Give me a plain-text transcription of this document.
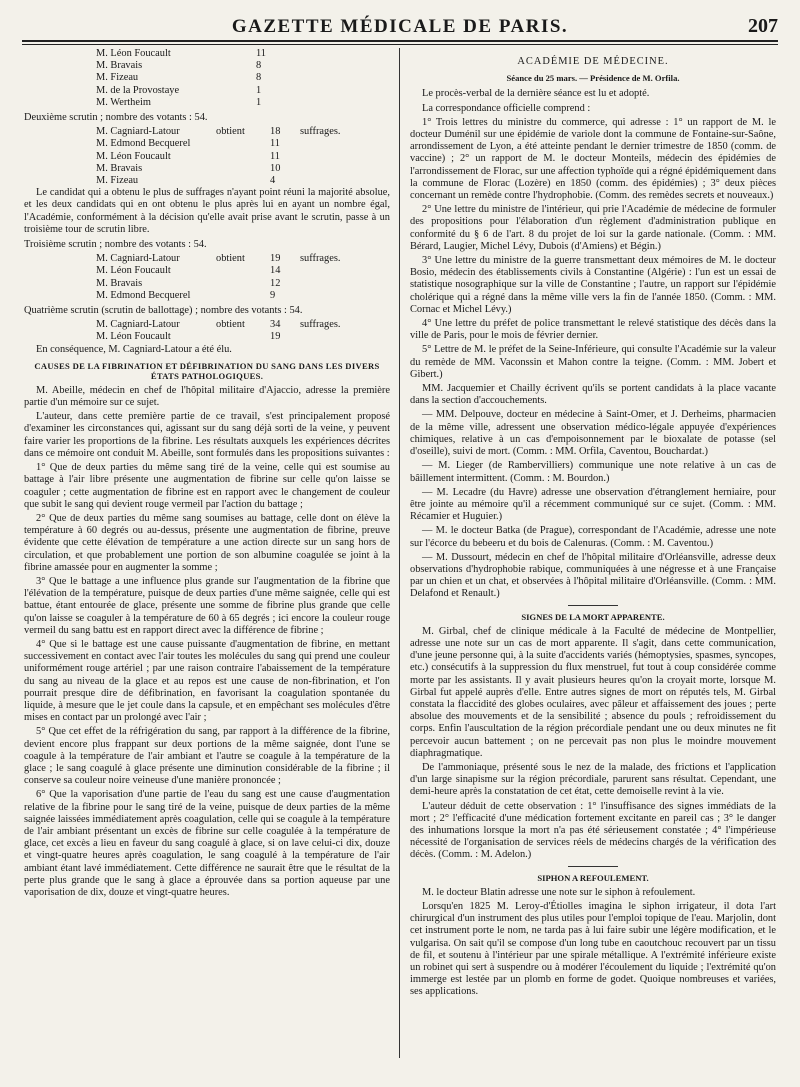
GAZETTE MÉDICALE DE PARIS.	207
M. Léon Foucault	11
M. Bravais	8
M. Fizeau	8
M. de la Provostaye	1
M. Wertheim	1

Deuxième scrutin ; nombre des votants : 54.

M. Cagniard-Latour	obtient	18	suffrages.
M. Edmond Becquerel	11
M. Léon Foucault	11
M. Bravais	10
M. Fizeau	4

Le candidat qui a obtenu le plus de suffrages n'ayant point réuni la majorité absolue, et les deux candidats qui en ont obtenu le plus après lui en ayant un nombre égal, l'Académie, conformément à la décision qu'elle avait prise avant le scrutin, passe à un troisième tour de scrutin libre.

Troisième scrutin ; nombre des votants : 54.

M. Cagniard-Latour	obtient	19	suffrages.
M. Léon Foucault	14
M. Bravais	12
M. Edmond Becquerel	9

Quatrième scrutin (scrutin de ballottage) ; nombre des votants : 54.

M. Cagniard-Latour	obtient	34	suffrages.
M. Léon Foucault	19

En conséquence, M. Cagniard-Latour a été élu.

CAUSES DE LA FIBRINATION ET DÉFIBRINATION DU SANG DANS LES DIVERS ÉTATS PATHOLOGIQUES.

M. Abeille, médecin en chef de l'hôpital militaire d'Ajaccio, adresse la première partie d'un mémoire sur ce sujet.

L'auteur, dans cette première partie de ce travail, s'est principalement proposé d'examiner les circonstances qui, agissant sur du sang déjà sorti de la veine, y peuvent faire varier les proportions de la fibrine. Les résultats auxquels les expériences décrites dans ce mémoire ont conduit M. Abeille, sont formulés dans les propositions suivantes :

1° Que de deux parties du même sang tiré de la veine, celle qui est soumise au battage à l'air libre présente une augmentation de fibrine sur celle qu'on laisse se coaguler ; cette augmentation de fibrine est en rapport avec le changement de couleur que subit le sang qui devient rouge vermeil par l'action du battage ;

2° Que de deux parties du même sang soumises au battage, celle dont on élève la température à 60 degrés ou au-dessus, présente une augmentation de fibrine, preuve évidente que cette élévation de température a une action directe sur un sang hors de circulation, et que probablement une portion de son albumine coagulée se joint à la fibrine amassée pour en augmenter la somme ;

3° Que le battage a une influence plus grande sur l'augmentation de la fibrine que l'élévation de la température, puisque de deux parties d'une même saignée, celle qui est battue, étant entourée de glace, présente une somme de fibrine plus grande que celle qu'on laisse se coaguler à la température de 60 à 65 degrés ; ici encore la couleur rouge vermeil du sang battu est en rapport direct avec la différence de fibrine ;

4° Que si le battage est une cause puissante d'augmentation de fibrine, en mettant successivement en contact avec l'air toutes les molécules du sang qui prend une couleur uniformément rouge artériel ; par une raison contraire l'abaissement de la température du sang au niveau de la glace et au repos est une cause de non-fibrination, et l'on pourrait presque dire de défibrination, en favorisant la coagulation spontanée du liquide, à mesure que le jet coule dans la capsule, et en empêchant ses molécules d'être mises en contact par un prolongé avec l'air ;

5° Que cet effet de la réfrigération du sang, par rapport à la différence de la fibrine, devient encore plus frappant sur deux portions de la même saignée, dont l'une se coagule à la température de l'air ambiant et l'autre se coagule à la température de la glace ; le sang coagulé à glace présente une diminution considérable de la fibrine ; il conserve sa couleur noire veineuse d'une manière prononcée ;

6° Que la vaporisation d'une partie de l'eau du sang est une cause d'augmentation relative de la fibrine pour le sang tiré de la veine, puisque de deux parties de la même saignée laissées immédiatement après coagulation, celle qui se coagule à la température de l'air ambiant présentant un excès de fibrine sur celle coagulée à la température de glace, cet excès a lieu en faveur du sang coagulé à glace, si on lave celui-ci dix, douze et vingt-quatre heures après coagulation, le sang coagulé à la température de l'air ambiant étant lavé immédiatement. Cette différence ne saurait être que le résultat de la perte plus grande que le sang à glace a éprouvée dans sa portion aqueuse par une vaporisation de dix, douze et vingt-quatre heures.

ACADÉMIE DE MÉDECINE.
Séance du 25 mars. — Présidence de M. Orfila.

Le procès-verbal de la dernière séance est lu et adopté.

La correspondance officielle comprend :

1° Trois lettres du ministre du commerce, qui adresse : 1° un rapport de M. le docteur Duménil sur une épidémie de variole dont la commune de Fontaine-sur-Saône, arrondissement de Lyon, a été atteinte pendant le dernier trimestre de 1850 (comm. de vaccine) ; 2° un rapport de M. le docteur Monteils, médecin des épidémies de l'arrondissement de Florac, sur une affection typhoïde qui a régné épidémiquement dans la commune de Florac (Lozère) en 1850 (comm. des épidémies) ; 3° deux pièces concernant un remède contre l'hydrophobie. (Comm. des remèdes secrets et nouveaux.)

2° Une lettre du ministre de l'intérieur, qui prie l'Académie de médecine de formuler des propositions pour l'élaboration d'un règlement d'administration publique en conformité du § 6 de l'art. 8 du projet de loi sur la garde nationale. (Comm. : MM. Bérard, Laugier, Michel Lévy, Dubois (d'Amiens) et Bégin.)

3° Une lettre du ministre de la guerre transmettant deux mémoires de M. le docteur Bosio, médecin des établissements civils à Constantine (Algérie) : l'un est un essai de statistique nosographique sur la ville de Constantine ; l'autre, un rapport sur l'épidémie cholérique qui a régné dans la même ville vers la fin de l'année 1850. (Comm. : MM. Cornac et Michel Lévy.)

4° Une lettre du préfet de police transmettant le relevé statistique des décès dans la ville de Paris, pour le mois de février dernier.

5° Lettre de M. le préfet de la Seine-Inférieure, qui consulte l'Académie sur la valeur du remède de MM. Vaconssin et Mahon contre la teigne. (Comm. : MM. Jobert et Gibert.)

MM. Jacquemier et Chailly écrivent qu'ils se portent candidats à la place vacante dans la section d'accouchements.

— MM. Delpouve, docteur en médecine à Saint-Omer, et J. Derheims, pharmacien de la même ville, adressent une observation médico-légale appuyée d'expériences chimiques, relative à un cas d'empoisonnement par le bioxalate de potasse (sel d'oseille), suivi de mort. (Comm. : MM. Orfila, Caventou, Bouchardat.)

— M. Lieger (de Rambervilliers) communique une note relative à un cas de bâillement intermittent. (Comm. : M. Bourdon.)

— M. Lecadre (du Havre) adresse une observation d'étranglement herniaire, pour être jointe au mémoire qu'il a récemment communiqué sur ce sujet. (Comm. : MM. Récamier et Huguier.)

— M. le docteur Batka (de Prague), correspondant de l'Académie, adresse une note sur l'écorce du bebeeru et du bois de Calenuras. (Comm. : M. Caventou.)

— M. Dussourt, médecin en chef de l'hôpital militaire d'Orléansville, adresse deux observations d'hydrophobie rabique, communiquées à une négresse et à une Française par un chien et un chat, et observées à l'hôpital militaire d'Orléansville. (Comm. : MM. Delafond et Renault.)

SIGNES DE LA MORT APPARENTE.

M. Girbal, chef de clinique médicale à la Faculté de médecine de Montpellier, adresse une note sur un cas de mort apparente. Il s'agit, dans cette communication, d'une jeune personne qui, à la suite d'accidents variés (hémoptysies, spasmes, syncopes, etc.) consécutifs à la suppression du flux menstruel, fut tout à coup considérée comme morte par les assistants. Il y avait plusieurs heures qu'on la croyait morte, lorsque M. Girbal fut appelé auprès d'elle. Entre autres signes de mort on réputés tels, M. Girbal constata la flaccidité des globes oculaires, avec pâleur et affaissement des joues ; perte absolue des mouvements et de la sensibilité ; absence du pouls ; refroidissement du corps. Enfin l'auscultation de la région précordiale pendant une ou deux minutes ne fit percevoir aucun battement ; on ne percevait pas non plus le moindre mouvement diaphragmatique.

De l'ammoniaque, présenté sous le nez de la malade, des frictions et l'application d'un large sinapisme sur la région précordiale, parurent sans résultat. Cependant, une demi-heure après la constatation de cet état, cette demoiselle revint à la vie.

L'auteur déduit de cette observation : 1° l'insuffisance des signes immédiats de la mort ; 2° l'efficacité d'une médication fortement excitante en pareil cas ; 3° le danger des inhumations lorsque la mort n'a pas été sérieusement constatée ; 4° l'impérieuse nécessité de l'organisation de services réels de médecins chargés de la vérification des décès. (Comm. : M. Adelon.)

SIPHON A REFOULEMENT.

M. le docteur Blatin adresse une note sur le siphon à refoulement.

Lorsqu'en 1825 M. Leroy-d'Étiolles imagina le siphon irrigateur, il dota l'art chirurgical d'un instrument des plus utiles pour l'emploi topique de l'eau. Marjolin, dont cet instrument porte le nom, ne tarda pas à lui faire subir une légère modification, et le vulgarisa. On sait qu'il se compose d'un long tube en caoutchouc recouvert par un tissu de fil, et soutenu à l'intérieur par une spirale métallique. A l'extrémité inférieure existe un robinet qui sert à suspendre ou à modérer l'écoulement du liquide ; l'extrémité qu'on immerge est lestée par un plomb en forme de godet. Quoique nombreuses et variées, ses applications.
